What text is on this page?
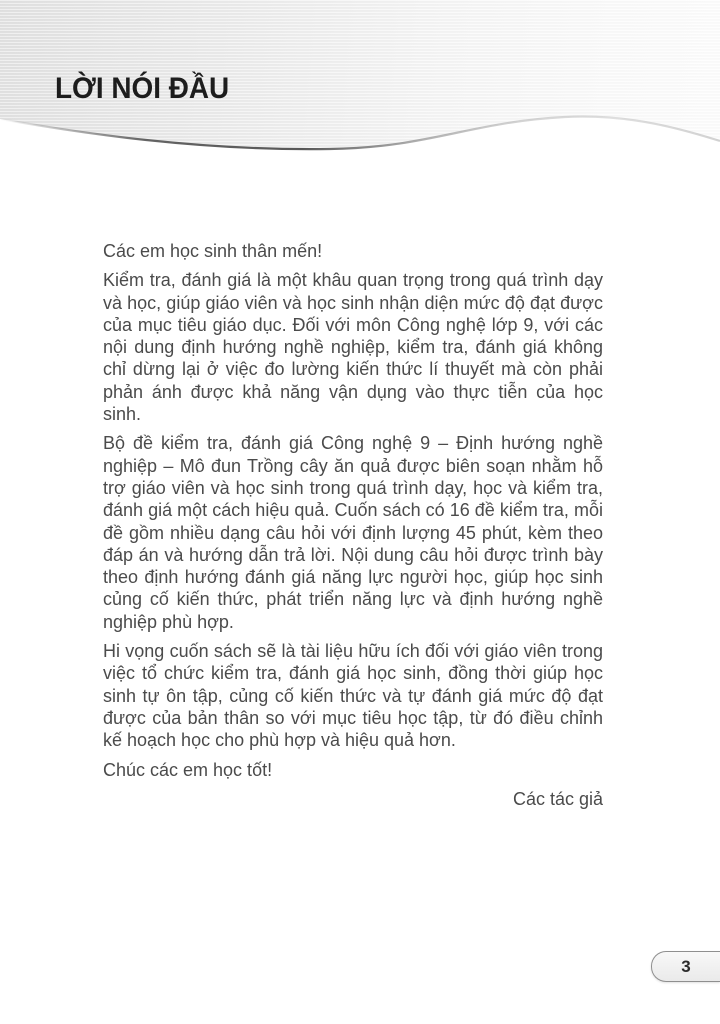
LỜI NÓI ĐẦU

Các em học sinh thân mến!

Kiểm tra, đánh giá là một khâu quan trọng trong quá trình dạy và học, giúp giáo viên và học sinh nhận diện mức độ đạt được của mục tiêu giáo dục. Đối với môn Công nghệ lớp 9, với các nội dung định hướng nghề nghiệp, kiểm tra, đánh giá không chỉ dừng lại ở việc đo lường kiến thức lí thuyết mà còn phải phản ánh được khả năng vận dụng vào thực tiễn của học sinh.

Bộ đề kiểm tra, đánh giá Công nghệ 9 – Định hướng nghề nghiệp – Mô đun Trồng cây ăn quả được biên soạn nhằm hỗ trợ giáo viên và học sinh trong quá trình dạy, học và kiểm tra, đánh giá một cách hiệu quả. Cuốn sách có 16 đề kiểm tra, mỗi đề gồm nhiều dạng câu hỏi với định lượng 45 phút, kèm theo đáp án và hướng dẫn trả lời. Nội dung câu hỏi được trình bày theo định hướng đánh giá năng lực người học, giúp học sinh củng cố kiến thức, phát triển năng lực và định hướng nghề nghiệp phù hợp.

Hi vọng cuốn sách sẽ là tài liệu hữu ích đối với giáo viên trong việc tổ chức kiểm tra, đánh giá học sinh, đồng thời giúp học sinh tự ôn tập, củng cố kiến thức và tự đánh giá mức độ đạt được của bản thân so với mục tiêu học tập, từ đó điều chỉnh kế hoạch học cho phù hợp và hiệu quả hơn.

Chúc các em học tốt!

Các tác giả

3
